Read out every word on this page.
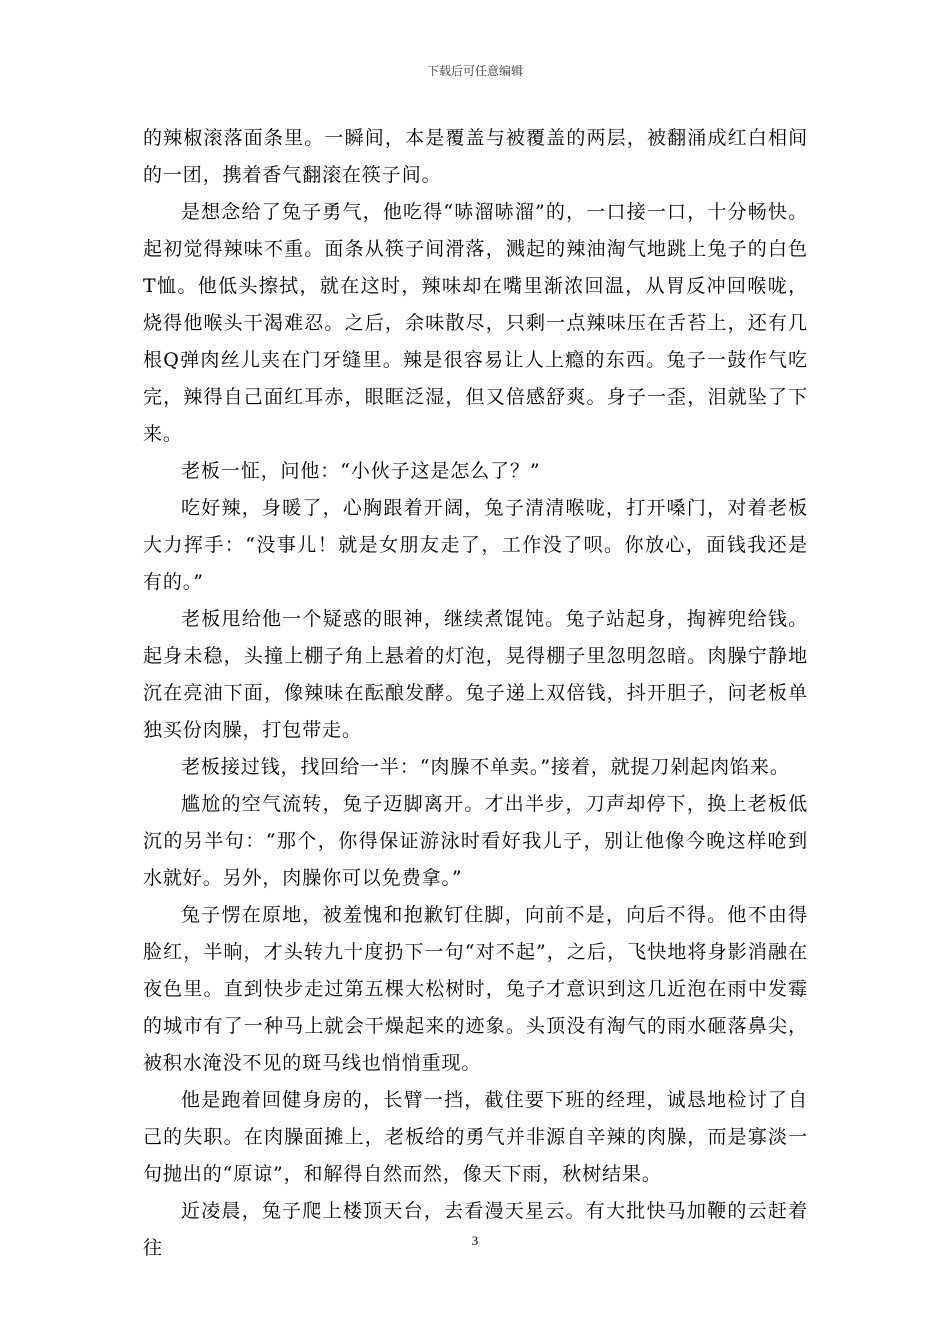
下载后可任意编辑

的辣椒滚落面条里。一瞬间，本是覆盖与被覆盖的两层，被翻涌成红白相间的一团，携着香气翻滚在筷子间。

是想念给了兔子勇气，他吃得“哧溜哧溜”的，一口接一口，十分畅快。起初觉得辣味不重。面条从筷子间滑落，溅起的辣油淘气地跳上兔子的白色T恤。他低头擦拭，就在这时，辣味却在嘴里渐浓回温，从胃反冲回喉咙，烧得他喉头干渴难忍。之后，余味散尽，只剩一点辣味压在舌苔上，还有几根Q弹肉丝儿夹在门牙缝里。辣是很容易让人上瘾的东西。兔子一鼓作气吃完，辣得自己面红耳赤，眼眶泛湿，但又倍感舒爽。身子一歪，泪就坠了下来。

老板一怔，问他：“小伙子这是怎么了？”

吃好辣，身暖了，心胸跟着开阔，兔子清清喉咙，打开嗓门，对着老板大力挥手：“没事儿！就是女朋友走了，工作没了呗。你放心，面钱我还是有的。”

老板甩给他一个疑惑的眼神，继续煮馄饨。兔子站起身，掏裤兜给钱。起身未稳，头撞上棚子角上悬着的灯泡，晃得棚子里忽明忽暗。肉臊宁静地沉在亮油下面，像辣味在酝酿发酵。兔子递上双倍钱，抖开胆子，问老板单独买份肉臊，打包带走。

老板接过钱，找回给一半：“肉臊不单卖。”接着，就提刀剁起肉馅来。

尴尬的空气流转，兔子迈脚离开。才出半步，刀声却停下，换上老板低沉的另半句：“那个，你得保证游泳时看好我儿子，别让他像今晚这样呛到水就好。另外，肉臊你可以免费拿。”

兔子愣在原地，被羞愧和抱歉钉住脚，向前不是，向后不得。他不由得脸红，半晌，才头转九十度扔下一句“对不起”，之后，飞快地将身影消融在夜色里。直到快步走过第五棵大松树时，兔子才意识到这几近泡在雨中发霉的城市有了一种马上就会干燥起来的迹象。头顶没有淘气的雨水砸落鼻尖，被积水淹没不见的斑马线也悄悄重现。

他是跑着回健身房的，长臂一挡，截住要下班的经理，诚恳地检讨了自己的失职。在肉臊面摊上，老板给的勇气并非源自辛辣的肉臊，而是寡淡一句抛出的“原谅”，和解得自然而然，像天下雨，秋树结果。

近凌晨，兔子爬上楼顶天台，去看漫天星云。有大批快马加鞭的云赶着往	3
